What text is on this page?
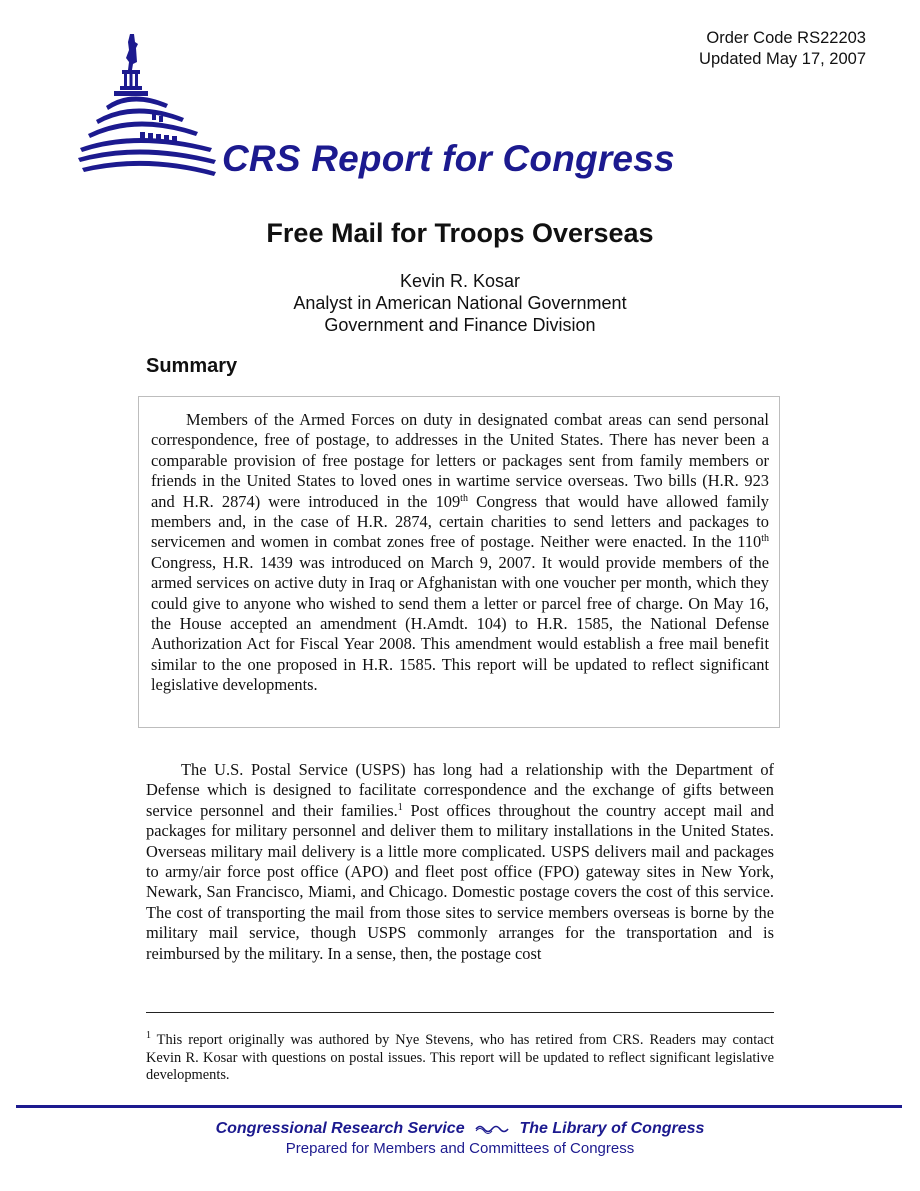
Order Code RS22203
Updated May 17, 2007
CRS Report for Congress
Free Mail for Troops Overseas
Kevin R. Kosar
Analyst in American National Government
Government and Finance Division
Summary

Members of the Armed Forces on duty in designated combat areas can send personal correspondence, free of postage, to addresses in the United States. There has never been a comparable provision of free postage for letters or packages sent from family members or friends in the United States to loved ones in wartime service overseas. Two bills (H.R. 923 and H.R. 2874) were introduced in the 109th Congress that would have allowed family members and, in the case of H.R. 2874, certain charities to send letters and packages to servicemen and women in combat zones free of postage. Neither were enacted. In the 110th Congress, H.R. 1439 was introduced on March 9, 2007. It would provide members of the armed services on active duty in Iraq or Afghanistan with one voucher per month, which they could give to anyone who wished to send them a letter or parcel free of charge. On May 16, the House accepted an amendment (H.Amdt. 104) to H.R. 1585, the National Defense Authorization Act for Fiscal Year 2008. This amendment would establish a free mail benefit similar to the one proposed in H.R. 1585. This report will be updated to reflect significant legislative developments.

The U.S. Postal Service (USPS) has long had a relationship with the Department of Defense which is designed to facilitate correspondence and the exchange of gifts between service personnel and their families.$^1$ Post offices throughout the country accept mail and packages for military personnel and deliver them to military installations in the United States. Overseas military mail delivery is a little more complicated. USPS delivers mail and packages to army/air force post office (APO) and fleet post office (FPO) gateway sites in New York, Newark, San Francisco, Miami, and Chicago. Domestic postage covers the cost of this service. The cost of transporting the mail from those sites to service members overseas is borne by the military mail service, though USPS commonly arranges for the transportation and is reimbursed by the military. In a sense, then, the postage cost

$^1$ This report originally was authored by Nye Stevens, who has retired from CRS. Readers may contact Kevin R. Kosar with questions on postal issues. This report will be updated to reflect significant legislative developments.

Congressional Research Service	The Library of Congress
Prepared for Members and Committees of Congress
